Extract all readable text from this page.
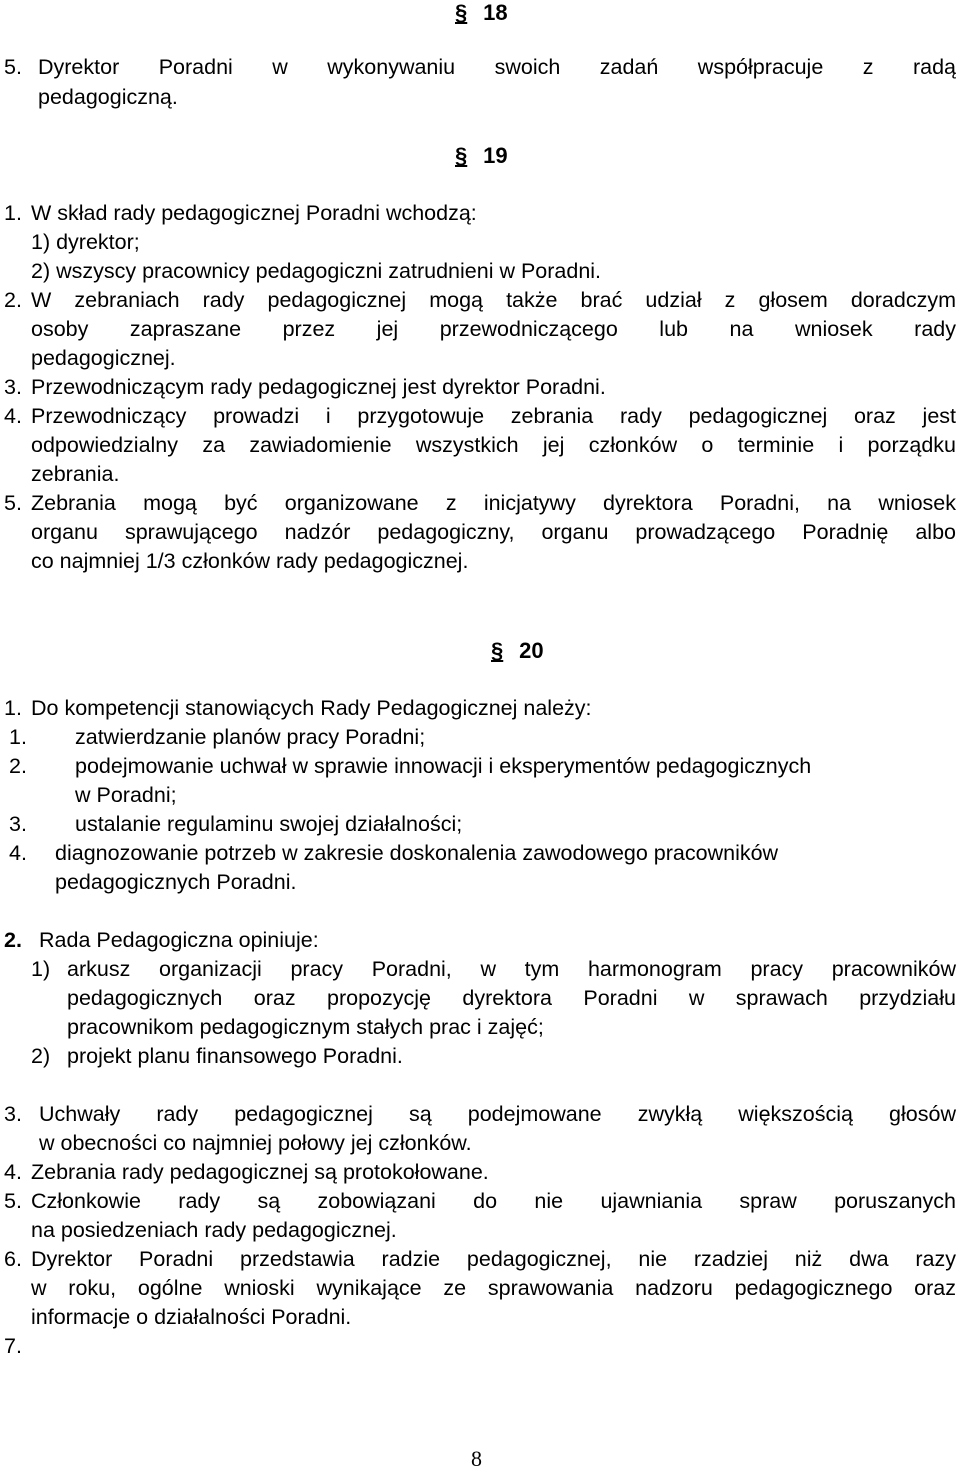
§ 18
5. Dyrektor Poradni w wykonywaniu swoich zadań współpracuje z radą
pedagogiczną.
§ 19
1. W skład rady pedagogicznej Poradni wchodzą:
1) dyrektor;
2) wszyscy pracownicy pedagogiczni zatrudnieni w Poradni.
2. W zebraniach rady pedagogicznej mogą także brać udział z głosem doradczym
osoby zapraszane przez jej przewodniczącego lub na wniosek rady
pedagogicznej.
3. Przewodniczącym rady pedagogicznej jest dyrektor Poradni.
4. Przewodniczący prowadzi i przygotowuje zebrania rady pedagogicznej oraz jest
odpowiedzialny za zawiadomienie wszystkich jej członków o terminie i porządku
zebrania.
5. Zebrania mogą być organizowane z inicjatywy dyrektora Poradni, na wniosek
organu sprawującego nadzór pedagogiczny, organu prowadzącego Poradnię albo
co najmniej 1/3 członków rady pedagogicznej.
§ 20
1. Do kompetencji stanowiących Rady Pedagogicznej należy:
1. zatwierdzanie planów pracy Poradni;
2. podejmowanie uchwał w sprawie innowacji i eksperymentów pedagogicznych
w Poradni;
3. ustalanie regulaminu swojej działalności;
4. diagnozowanie potrzeb w zakresie doskonalenia zawodowego pracowników
pedagogicznych Poradni.
2. Rada Pedagogiczna opiniuje:
1) arkusz organizacji pracy Poradni, w tym harmonogram pracy pracowników
pedagogicznych oraz propozycję dyrektora Poradni w sprawach przydziału
pracownikom pedagogicznym stałych prac i zajęć;
2) projekt planu finansowego Poradni.
3. Uchwały rady pedagogicznej są podejmowane zwykłą większością głosów
w obecności co najmniej połowy jej członków.
4. Zebrania rady pedagogicznej są protokołowane.
5. Członkowie rady są zobowiązani do nie ujawniania spraw poruszanych
na posiedzeniach rady pedagogicznej.
6. Dyrektor Poradni przedstawia radzie pedagogicznej, nie rzadziej niż dwa razy
w roku, ogólne wnioski wynikające ze sprawowania nadzoru pedagogicznego oraz
informacje o działalności Poradni.
7.
8
